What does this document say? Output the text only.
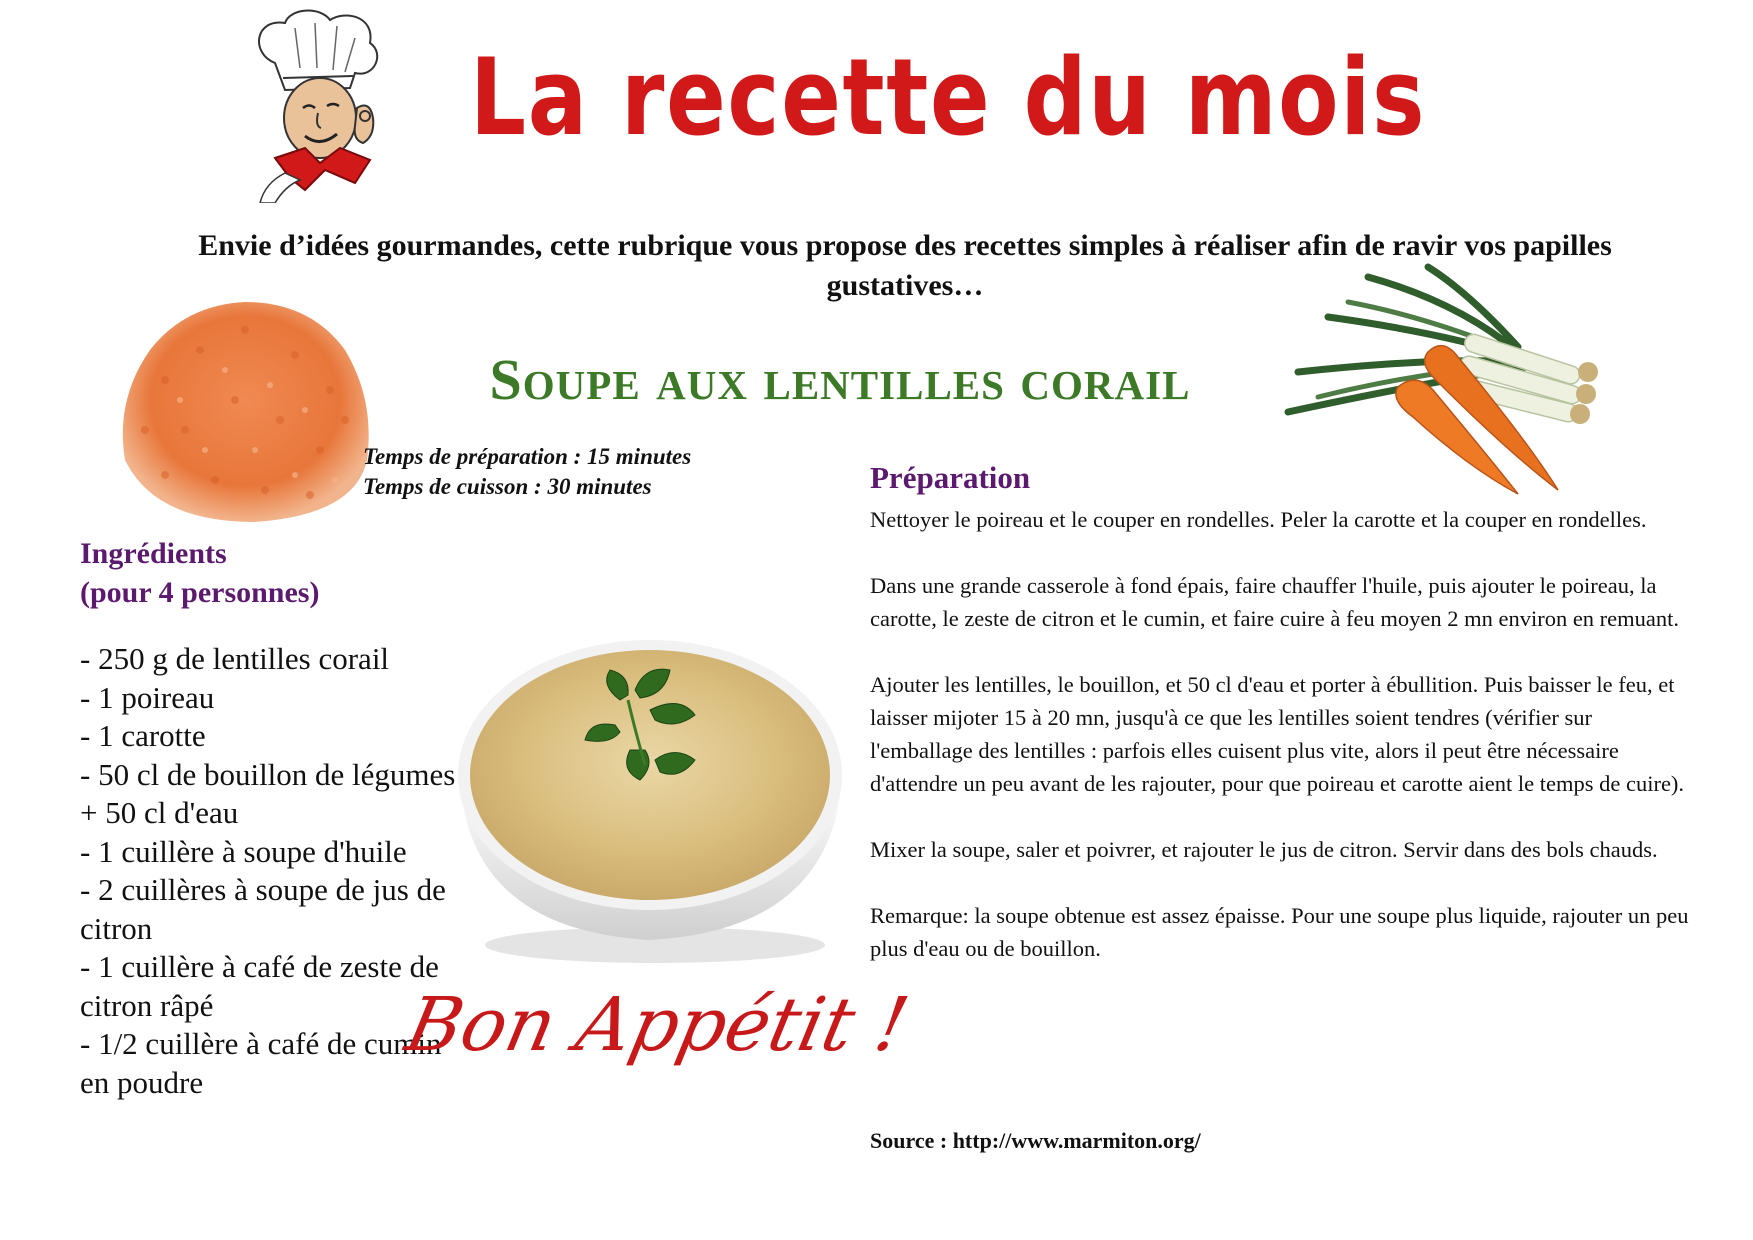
La recette du mois
Envie d’idées gourmandes, cette rubrique vous propose des recettes simples à réaliser afin de ravir vos papilles gustatives…
Soupe aux lentilles corail
Temps de préparation : 15 minutes
Temps de cuisson : 30 minutes
Ingrédients
(pour 4 personnes)
- 250 g de lentilles corail
- 1 poireau
- 1 carotte
- 50 cl de bouillon de légumes + 50 cl d'eau
- 1 cuillère à soupe d'huile
- 2 cuillères à soupe de jus de citron
- 1 cuillère à café de zeste de citron râpé
- 1/2 cuillère à café de cumin en poudre
Préparation

Nettoyer le poireau et le couper en rondelles. Peler la carotte et la couper en rondelles.

Dans une grande casserole à fond épais, faire chauffer l'huile, puis ajouter le poireau, la carotte, le zeste de citron et le cumin, et faire cuire à feu moyen 2 mn environ en remuant.

Ajouter les lentilles, le bouillon, et 50 cl d'eau et porter à ébullition. Puis baisser le feu, et laisser mijoter 15 à 20 mn, jusqu'à ce que les lentilles soient tendres (vérifier sur l'emballage des lentilles : parfois elles cuisent plus vite, alors il peut être nécessaire d'attendre un peu avant de les rajouter, pour que poireau et carotte aient le temps de cuire).

Mixer la soupe, saler et poivrer, et rajouter le jus de citron. Servir dans des bols chauds.

Remarque: la soupe obtenue est assez épaisse. Pour une soupe plus liquide, rajouter un peu plus d'eau ou de bouillon.

Source : http://www.marmiton.org/
Bon Appétit !
